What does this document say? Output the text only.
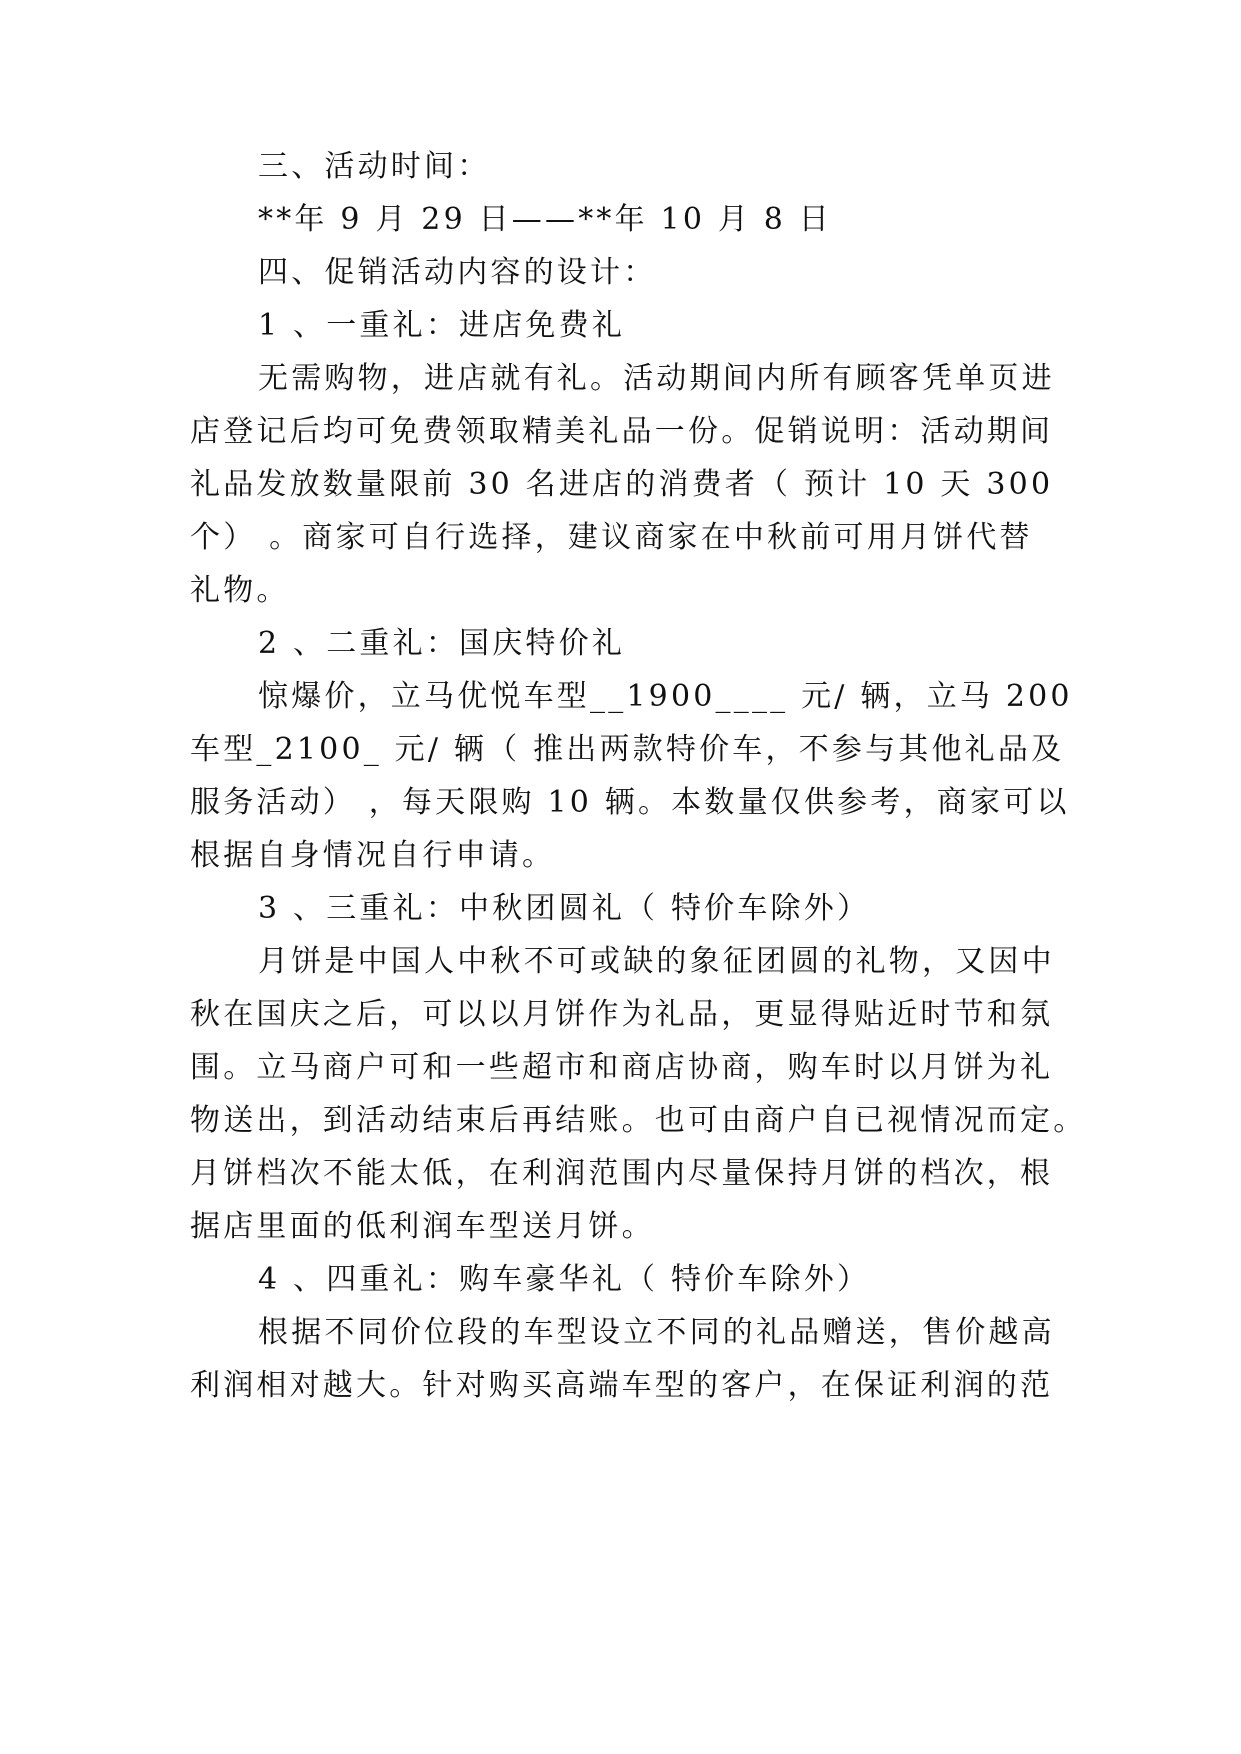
三、活动时间：

**年 9 月 29 日——**年 10 月 8 日

四、促销活动内容的设计：

1 、一重礼：进店免费礼

无需购物，进店就有礼。活动期间内所有顾客凭单页进

店登记后均可免费领取精美礼品一份。促销说明：活动期间

礼品发放数量限前 30 名进店的消费者（ 预计 10 天 300

个） 。商家可自行选择，建议商家在中秋前可用月饼代替

礼物。

2 、二重礼：国庆特价礼

惊爆价，立马优悦车型__1900____ 元/ 辆，立马 200

车型_2100_ 元/ 辆（ 推出两款特价车，不参与其他礼品及

服务活动） ，每天限购 10 辆。本数量仅供参考，商家可以

根据自身情况自行申请。

3 、三重礼：中秋团圆礼（ 特价车除外）

月饼是中国人中秋不可或缺的象征团圆的礼物，又因中

秋在国庆之后，可以以月饼作为礼品，更显得贴近时节和氛

围。立马商户可和一些超市和商店协商，购车时以月饼为礼

物送出，到活动结束后再结账。也可由商户自已视情况而定。

月饼档次不能太低，在利润范围内尽量保持月饼的档次，根

据店里面的低利润车型送月饼。

4 、四重礼：购车豪华礼（ 特价车除外）

根据不同价位段的车型设立不同的礼品赠送，售价越高

利润相对越大。针对购买高端车型的客户，在保证利润的范
